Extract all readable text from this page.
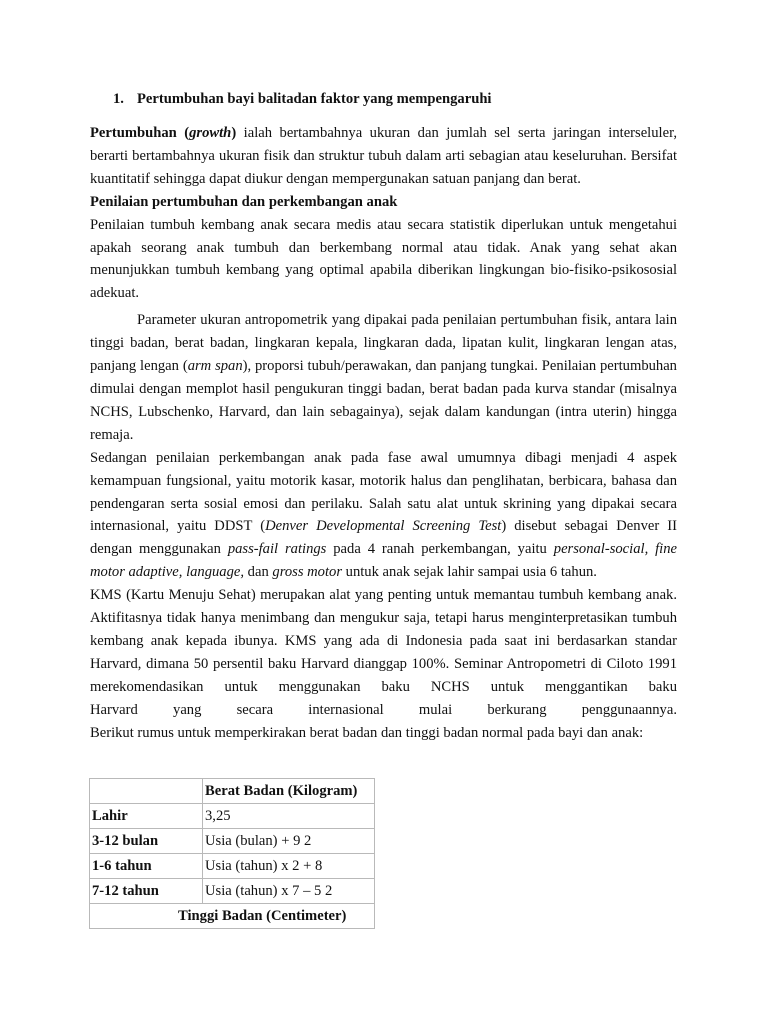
1. Pertumbuhan bayi balitadan faktor yang mempengaruhi

Pertumbuhan (growth) ialah bertambahnya ukuran dan jumlah sel serta jaringan interseluler, berarti bertambahnya ukuran fisik dan struktur tubuh dalam arti sebagian atau keseluruhan. Bersifat kuantitatif sehingga dapat diukur dengan mempergunakan satuan panjang dan berat.

Penilaian pertumbuhan dan perkembangan anak

Penilaian tumbuh kembang anak secara medis atau secara statistik diperlukan untuk mengetahui apakah seorang anak tumbuh dan berkembang normal atau tidak. Anak yang sehat akan menunjukkan tumbuh kembang yang optimal apabila diberikan lingkungan bio-fisiko-psikososial adekuat.

Parameter ukuran antropometrik yang dipakai pada penilaian pertumbuhan fisik, antara lain tinggi badan, berat badan, lingkaran kepala, lingkaran dada, lipatan kulit, lingkaran lengan atas, panjang lengan (arm span), proporsi tubuh/perawakan, dan panjang tungkai. Penilaian pertumbuhan dimulai dengan memplot hasil pengukuran tinggi badan, berat badan pada kurva standar (misalnya NCHS, Lubschenko, Harvard, dan lain sebagainya), sejak dalam kandungan (intra uterin) hingga remaja.

Sedangan penilaian perkembangan anak pada fase awal umumnya dibagi menjadi 4 aspek kemampuan fungsional, yaitu motorik kasar, motorik halus dan penglihatan, berbicara, bahasa dan pendengaran serta sosial emosi dan perilaku. Salah satu alat untuk skrining yang dipakai secara internasional, yaitu DDST (Denver Developmental Screening Test) disebut sebagai Denver II dengan menggunakan pass-fail ratings pada 4 ranah perkembangan, yaitu personal-social, fine motor adaptive, language, dan gross motor untuk anak sejak lahir sampai usia 6 tahun.

KMS (Kartu Menuju Sehat) merupakan alat yang penting untuk memantau tumbuh kembang anak. Aktifitasnya tidak hanya menimbang dan mengukur saja, tetapi harus menginterpretasikan tumbuh kembang anak kepada ibunya. KMS yang ada di Indonesia pada saat ini berdasarkan standar Harvard, dimana 50 persentil baku Harvard dianggap 100%. Seminar Antropometri di Ciloto 1991 merekomendasikan untuk menggunakan baku NCHS untuk menggantikan baku

Harvard yang secara internasional mulai berkurang penggunaannya.

Berikut rumus untuk memperkirakan berat badan dan tinggi badan normal pada bayi dan anak:

	Berat Badan (Kilogram)
Lahir	3,25
3-12 bulan	Usia (bulan) + 9 2
1-6 tahun	Usia (tahun) x 2 + 8
7-12 tahun	Usia (tahun) x 7 – 5 2
Tinggi Badan (Centimeter)	
